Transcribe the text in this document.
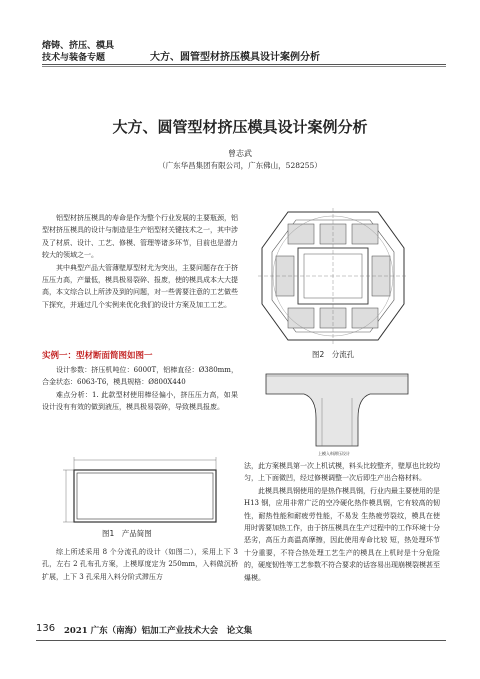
熔铸、挤压、模具
技术与装备专题	大方、圆管型材挤压模具设计案例分析
大方、圆管型材挤压模具设计案例分析
曾志武
（广东华昌集团有限公司，广东佛山，528255）

铝型材挤压模具的寿命是作为整个行业发展的主要瓶颈，铝型材挤压模具的设计与制造是生产铝型材关键技术之一，其中涉及了材质、设计、工艺、修模、管理等诸多环节，目前也是潜力较大的领域之一。

其中典型产品大管薄壁厚型材尤为突出，主要问题存在于挤压压力高，产量低，模具极易裂碎、报废，使的模具成本大大提高，本文综合以上所涉及到的问题，对一些需要注意的工艺做些下探究，并通过几个实例来优化我们的设计方案及加工工艺。

实例一：型材断面简图如图一

设计参数：挤压机吨位：6000T，铝棒直径：Ø380mm，合金状态：6063-T6，模具规格：Ø800X440

难点分析：1. 此款型材使用棒径偏小，挤压压力高，如果设计没有有效的做到液压，模具极易裂碎，导致模具报废。

图1　产品简图

综上所述采用 8 个分流孔的设计（如图二），采用上下 3 孔，左右 2 孔布孔方案，上模厚度定为 250mm，入料做沉桥扩展，上下 3 孔采用入料分阶式滞压方

图2　分流孔
上模入料滞压设计

法，此方案模具第一次上机试模，料头比较整齐，壁厚也比较均匀，上下面微凹，经过修模调整一次后即生产出合格材料。

此模具模具钢使用的是热作模具钢，行业内最主要使用的是 H13 钢，应用非常广泛的空冷硬化热作模具钢，它有较高的韧性，耐热性能和耐疲劳性能，不易发 生热疲劳裂纹，模具在使用时需要加热工作，由于挤压模具在生产过程中的工作环境十分恶劣，高压力高温高摩擦，因此使用寿命比较 短，热处理环节十分重要，不符合热处理工艺生产的模具在上机时是十分危险的，硬度韧性等工艺参数不符合要求的话容易出现崩模裂模甚至爆模。

136 2021 广东（南海）铝加工产业技术大会　论文集
